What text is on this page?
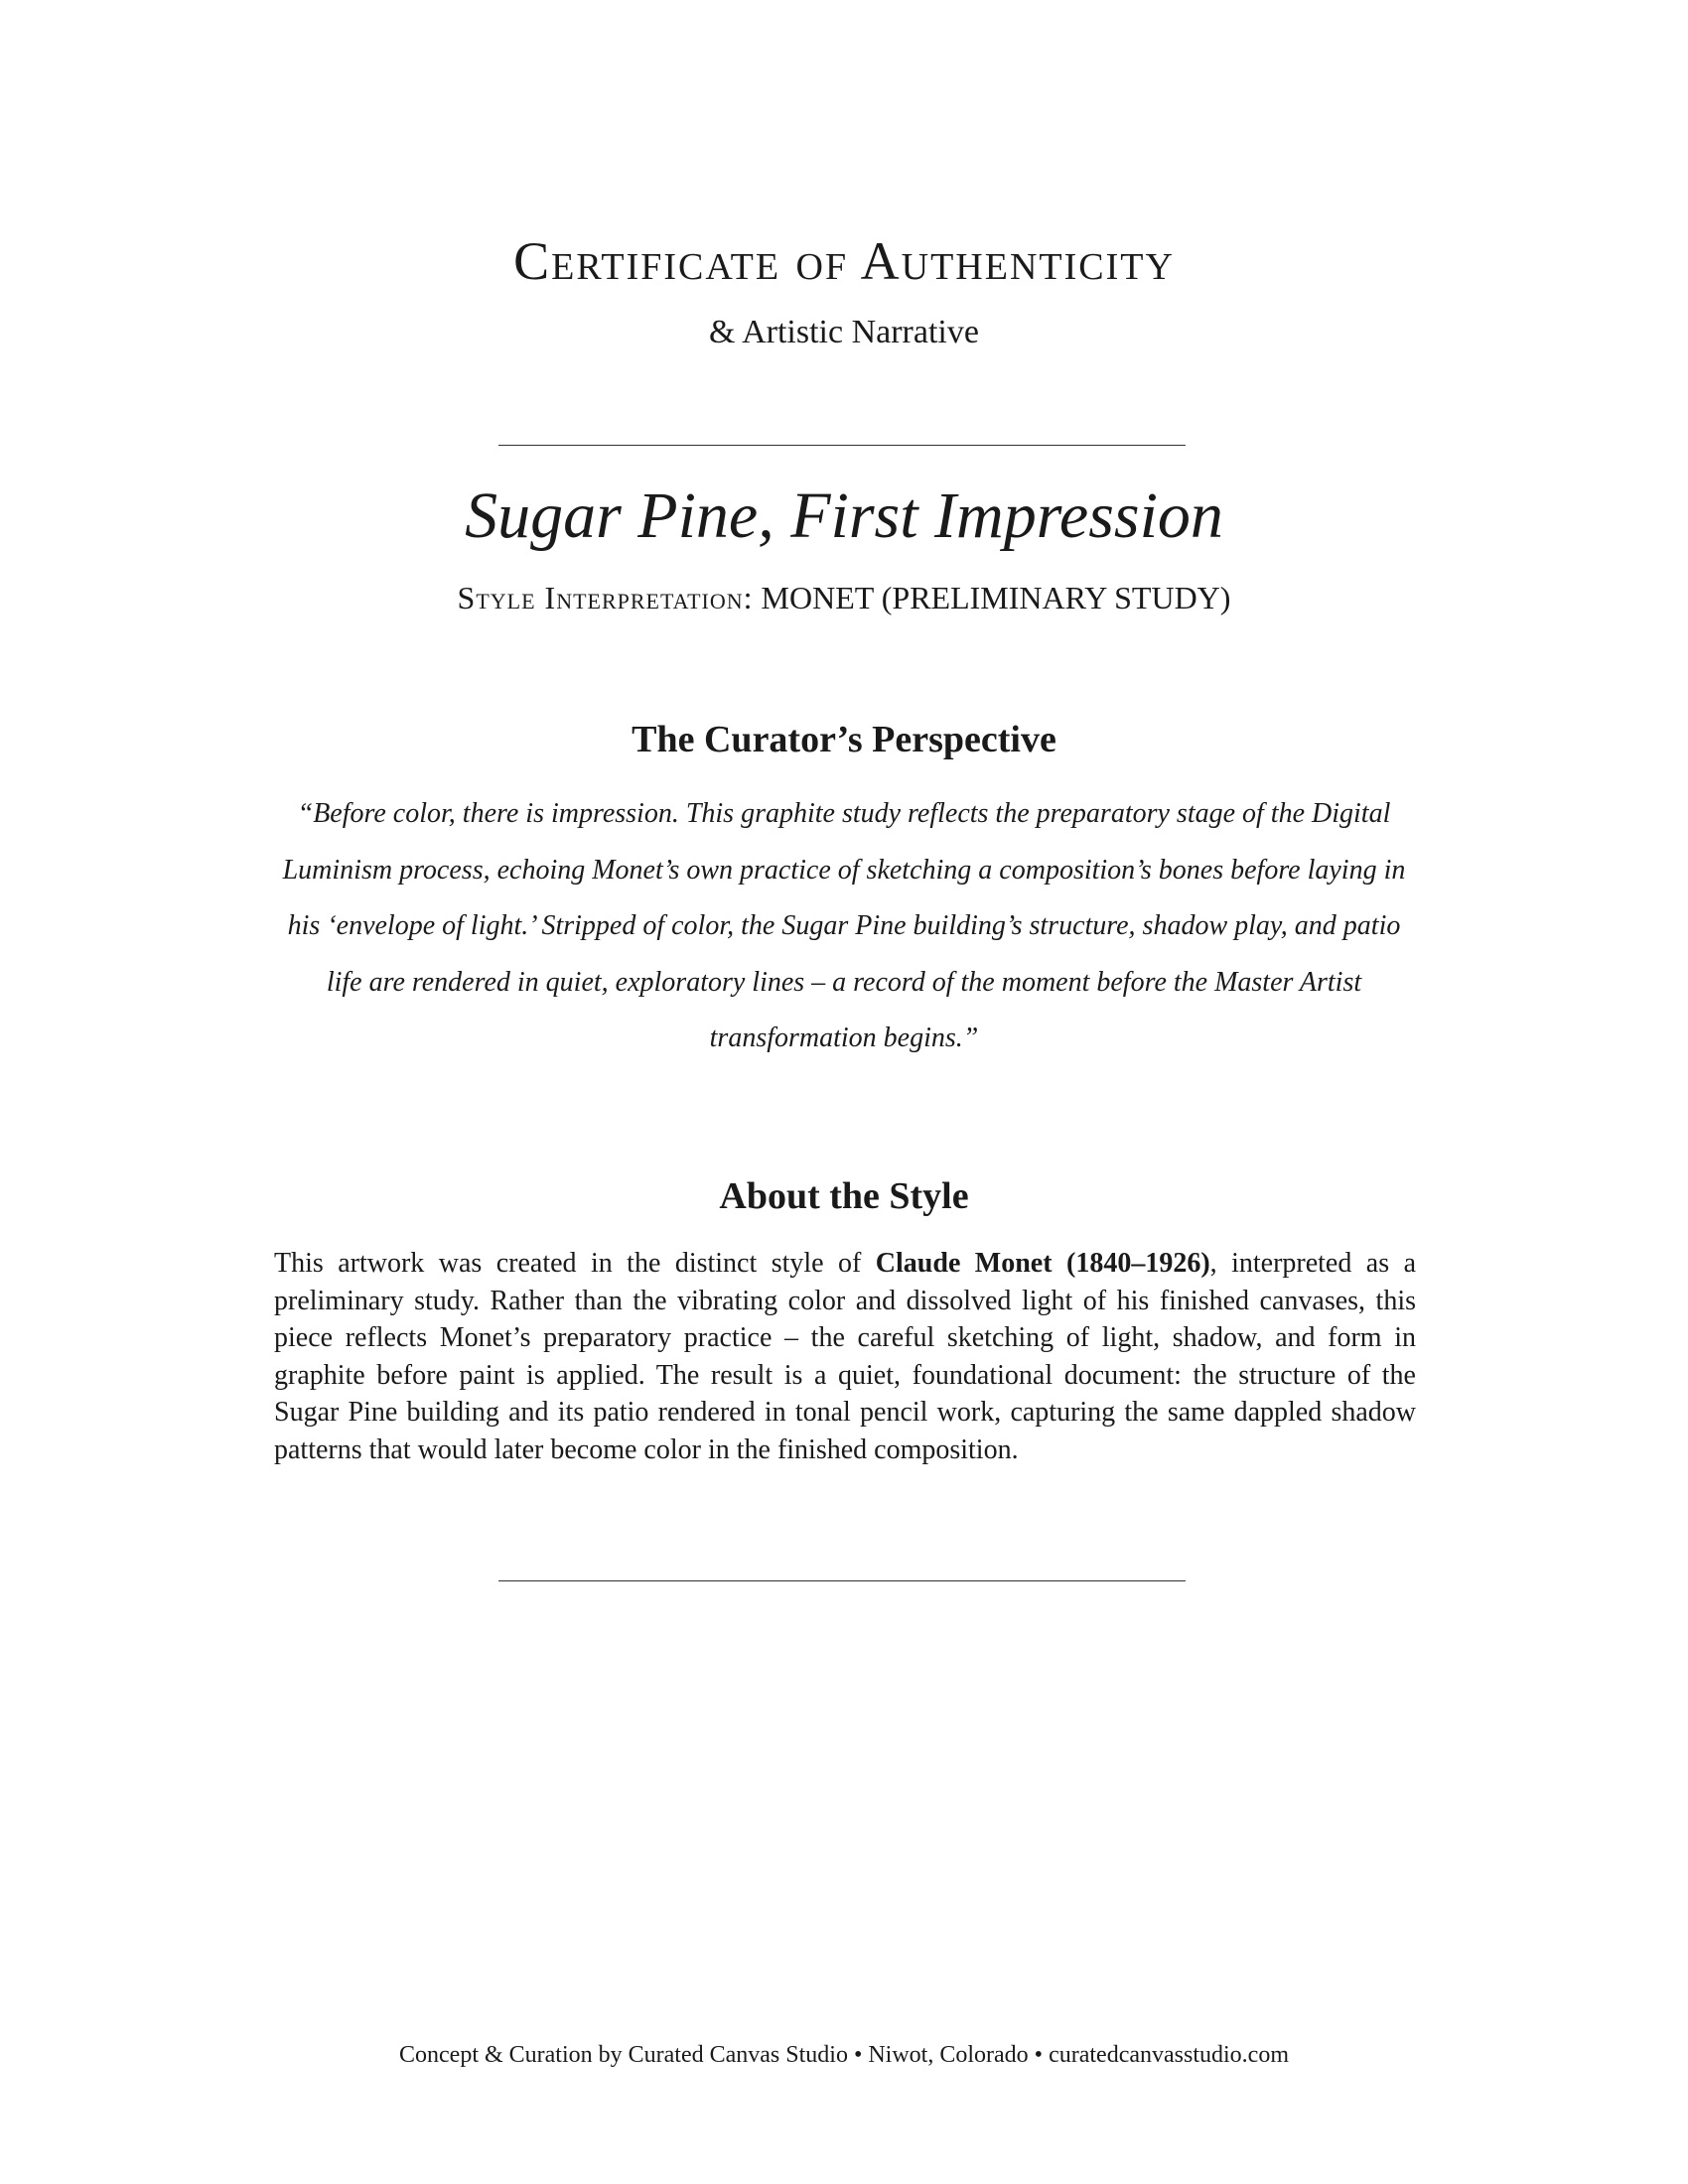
Certificate of Authenticity

& Artistic Narrative

Sugar Pine, First Impression

Style Interpretation: MONET (PRELIMINARY STUDY)

The Curator’s Perspective

“Before color, there is impression. This graphite study reflects the preparatory stage of the Digital Luminism process, echoing Monet’s own practice of sketching a composition’s bones before laying in his ‘envelope of light.’ Stripped of color, the Sugar Pine building’s structure, shadow play, and patio life are rendered in quiet, exploratory lines – a record of the moment before the Master Artist transformation begins.”

About the Style

This artwork was created in the distinct style of Claude Monet (1840–1926), interpreted as a preliminary study. Rather than the vibrating color and dissolved light of his finished canvases, this piece reflects Monet’s preparatory practice – the careful sketching of light, shadow, and form in graphite before paint is applied. The result is a quiet, foundational document: the structure of the Sugar Pine building and its patio rendered in tonal pencil work, capturing the same dappled shadow patterns that would later become color in the finished composition.

Concept & Curation by Curated Canvas Studio • Niwot, Colorado • curatedcanvasstudio.com
